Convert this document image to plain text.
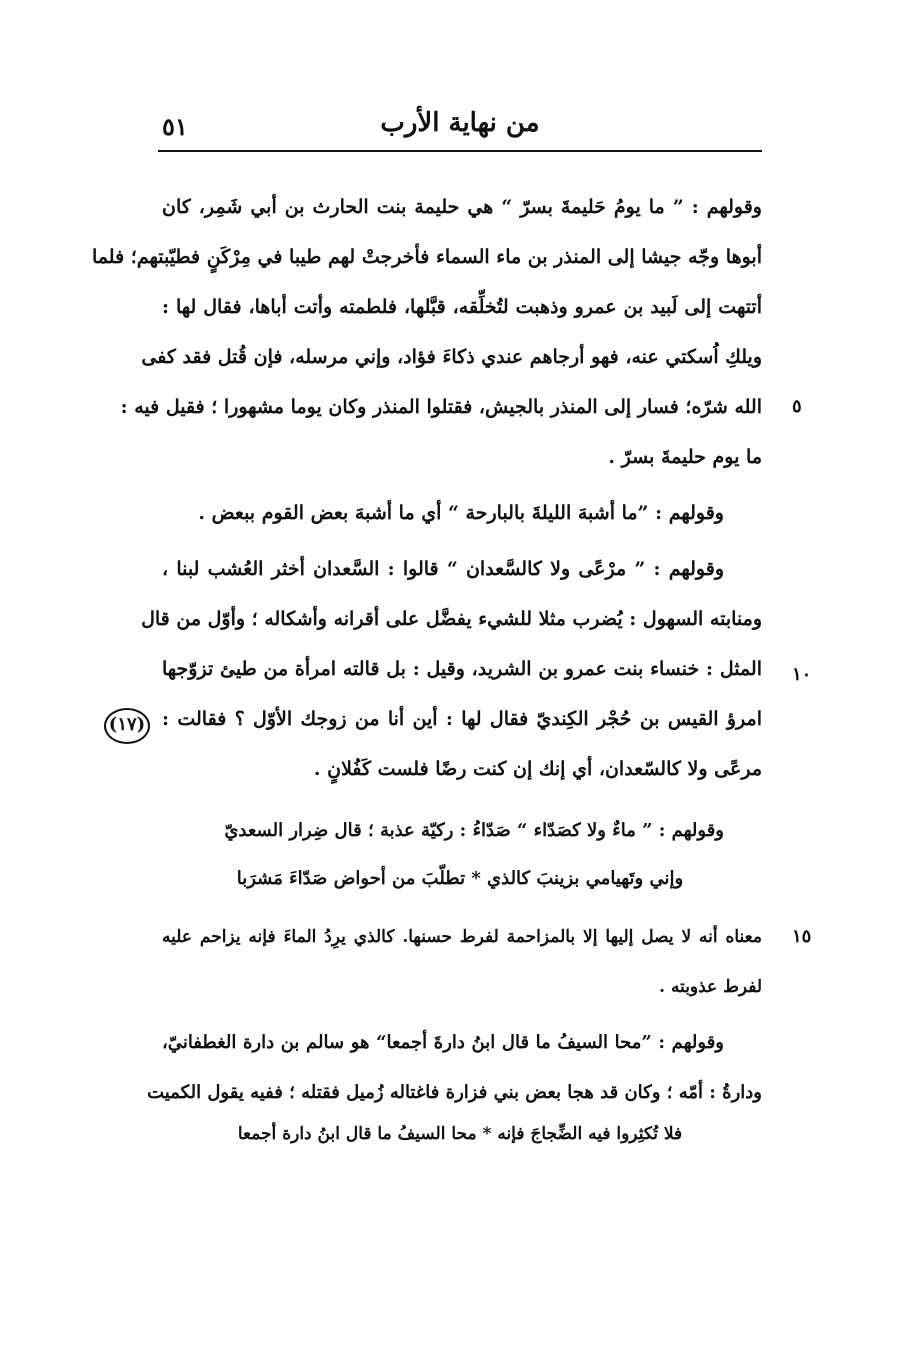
من نهاية الأرب
٥١
وقولهم : ” ما يومُ حَليمةَ بسرّ “ هي حليمة بنت الحارث بن أبي شَمِر، كان
أبوها وجّه جيشا إلى المنذر بن ماء السماء فأخرجتْ لهم طيبا في مِرْكَنٍ فطيّبتهم؛ فلما
أتتهت إلى لَبيد بن عمرو وذهبت لتُخلِّقه، قبَّلها، فلطمته وأتت أباها، فقال لها :
ويلكِ اُسكتي عنه، فهو أرجاهم عندي ذكاءَ فؤاد، وإني مرسله، فإن قُتل فقد كفى
الله شرّه؛ فسار إلى المنذر بالجيش، فقتلوا المنذر وكان يوما مشهورا ؛ فقيل فيه :
ما يوم حليمةَ بسرّ .
٥
وقولهم : ”ما أشبهَ الليلةَ بالبارحة “ أي ما أشبهَ بعض القوم ببعض .
وقولهم : ” مرْعًى ولا كالسَّعدان “ قالوا : السَّعدان أخثر العُشب لبنا ،
ومنابته السهول : يُضرب مثلا للشيء يفضَّل على أقرانه وأشكاله ؛ وأوّل من قال
المثل : خنساء بنت عمرو بن الشريد، وقيل : بل قالته امرأة من طيئ تزوّجها
امرؤ القيس بن حُجْر الكِنديّ فقال لها : أين أنا من زوجك الأوّل ؟ فقالت :
مرعًى ولا كالسّعدان، أي إنك إن كنت رضًا فلست كَفُلانٍ .
١٠
(١٧)
وقولهم : ” ماءٌ ولا كصَدّاء “ صَدّاءُ : ركيّة عذبة ؛ قال ضِرار السعديّ
وإني وتَهيامي بزينبَ كالذي * تطلّبَ من أحواض صَدّاءَ مَشرَبا
معناه أنه لا يصل إليها إلا بالمزاحمة لفرط حسنها. كالذي يرِدُ الماءَ فإنه يزاحم عليه
لفرط عذوبته .
١٥
وقولهم : ”محا السيفُ ما قال ابنُ دارةَ أجمعا“ هو سالم بن دارة الغطفانيّ،
ودارةُ : أمّه ؛ وكان قد هجا بعض بني فزارة فاغتاله زُميل فقتله ؛ ففيه يقول الكميت
فلا تُكثِروا فيه الضِّجاجَ فإنه * محا السيفُ ما قال ابنُ دارة أجمعا
